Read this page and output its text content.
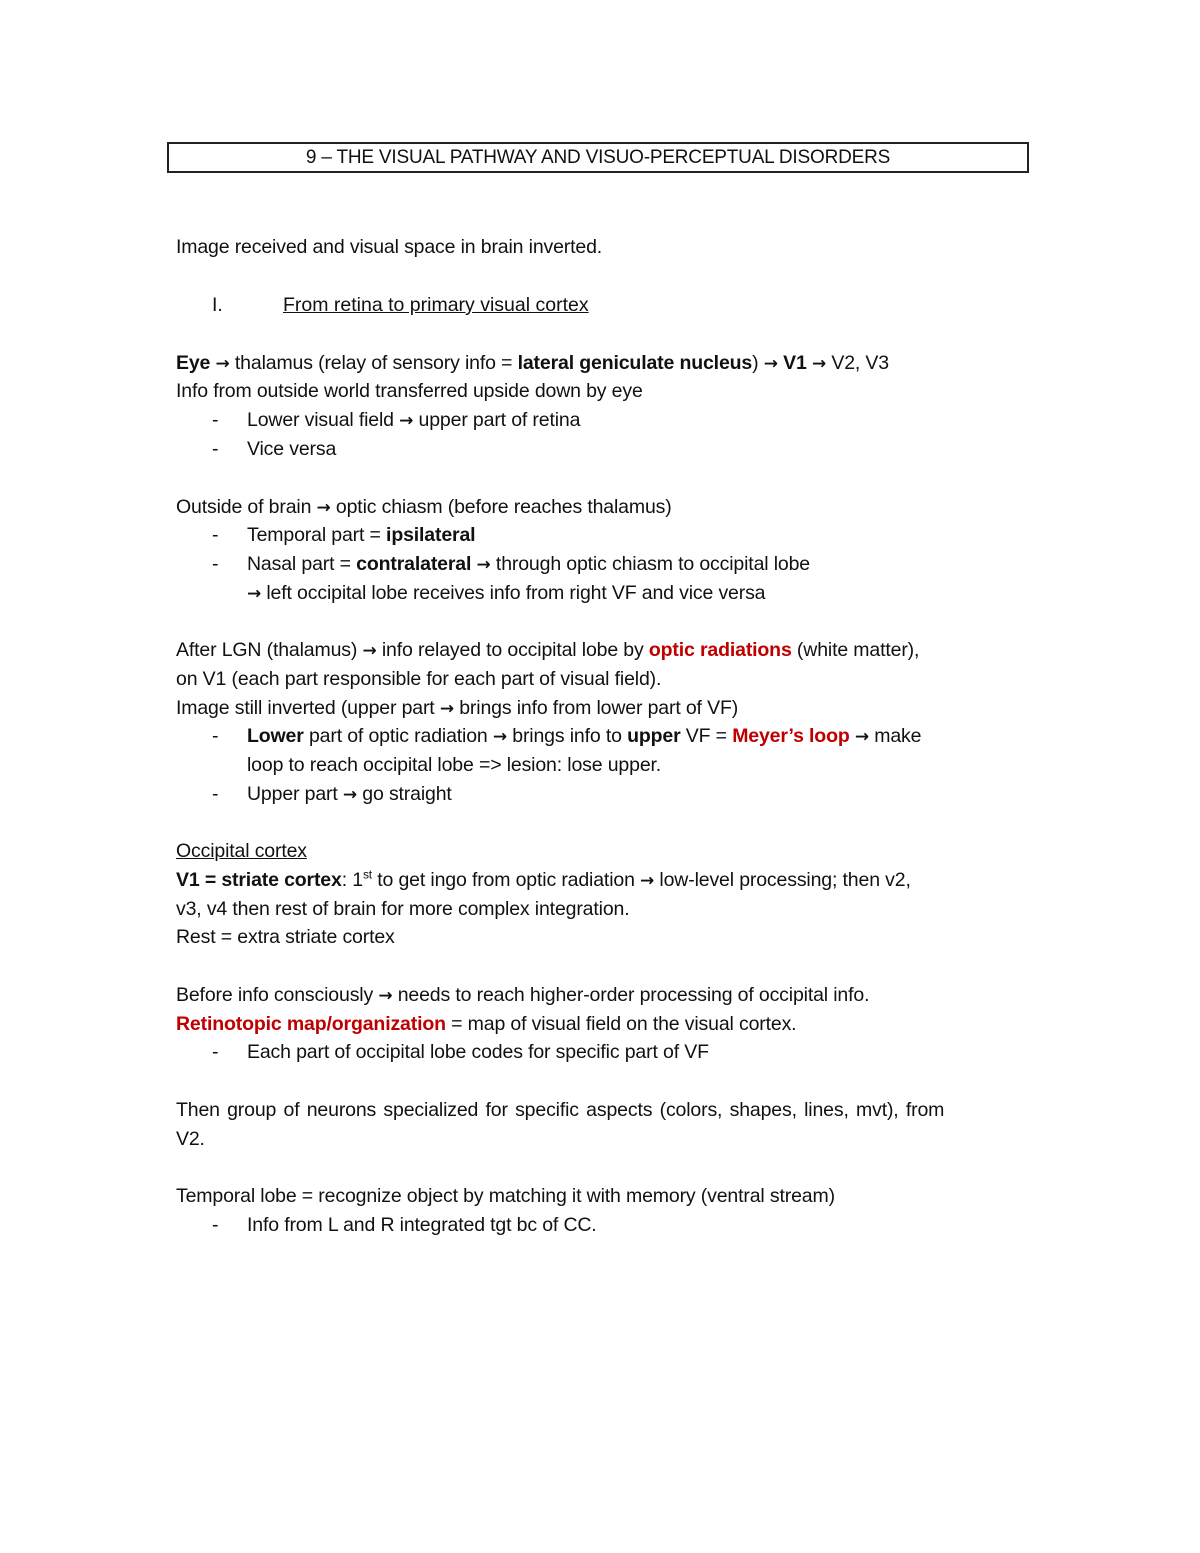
9 – THE VISUAL PATHWAY AND VISUO-PERCEPTUAL DISORDERS
Image received and visual space in brain inverted.
I.	From retina to primary visual cortex
Eye → thalamus (relay of sensory info = lateral geniculate nucleus) → V1 → V2, V3
Info from outside world transferred upside down by eye
- Lower visual field → upper part of retina
- Vice versa
Outside of brain → optic chiasm (before reaches thalamus)
- Temporal part = ipsilateral
- Nasal part = contralateral → through optic chiasm to occipital lobe
→ left occipital lobe receives info from right VF and vice versa
After LGN (thalamus) → info relayed to occipital lobe by optic radiations (white matter),
on V1 (each part responsible for each part of visual field).
Image still inverted (upper part → brings info from lower part of VF)
- Lower part of optic radiation → brings info to upper VF = Meyer’s loop → make
loop to reach occipital lobe => lesion: lose upper.
- Upper part → go straight
Occipital cortex
V1 = striate cortex: 1st to get ingo from optic radiation → low-level processing; then v2,
v3, v4 then rest of brain for more complex integration.
Rest = extra striate cortex
Before info consciously → needs to reach higher-order processing of occipital info.
Retinotopic map/organization = map of visual field on the visual cortex.
- Each part of occipital lobe codes for specific part of VF
Then group of neurons specialized for specific aspects (colors, shapes, lines, mvt), from
V2.
Temporal lobe = recognize object by matching it with memory (ventral stream)
- Info from L and R integrated tgt bc of CC.
